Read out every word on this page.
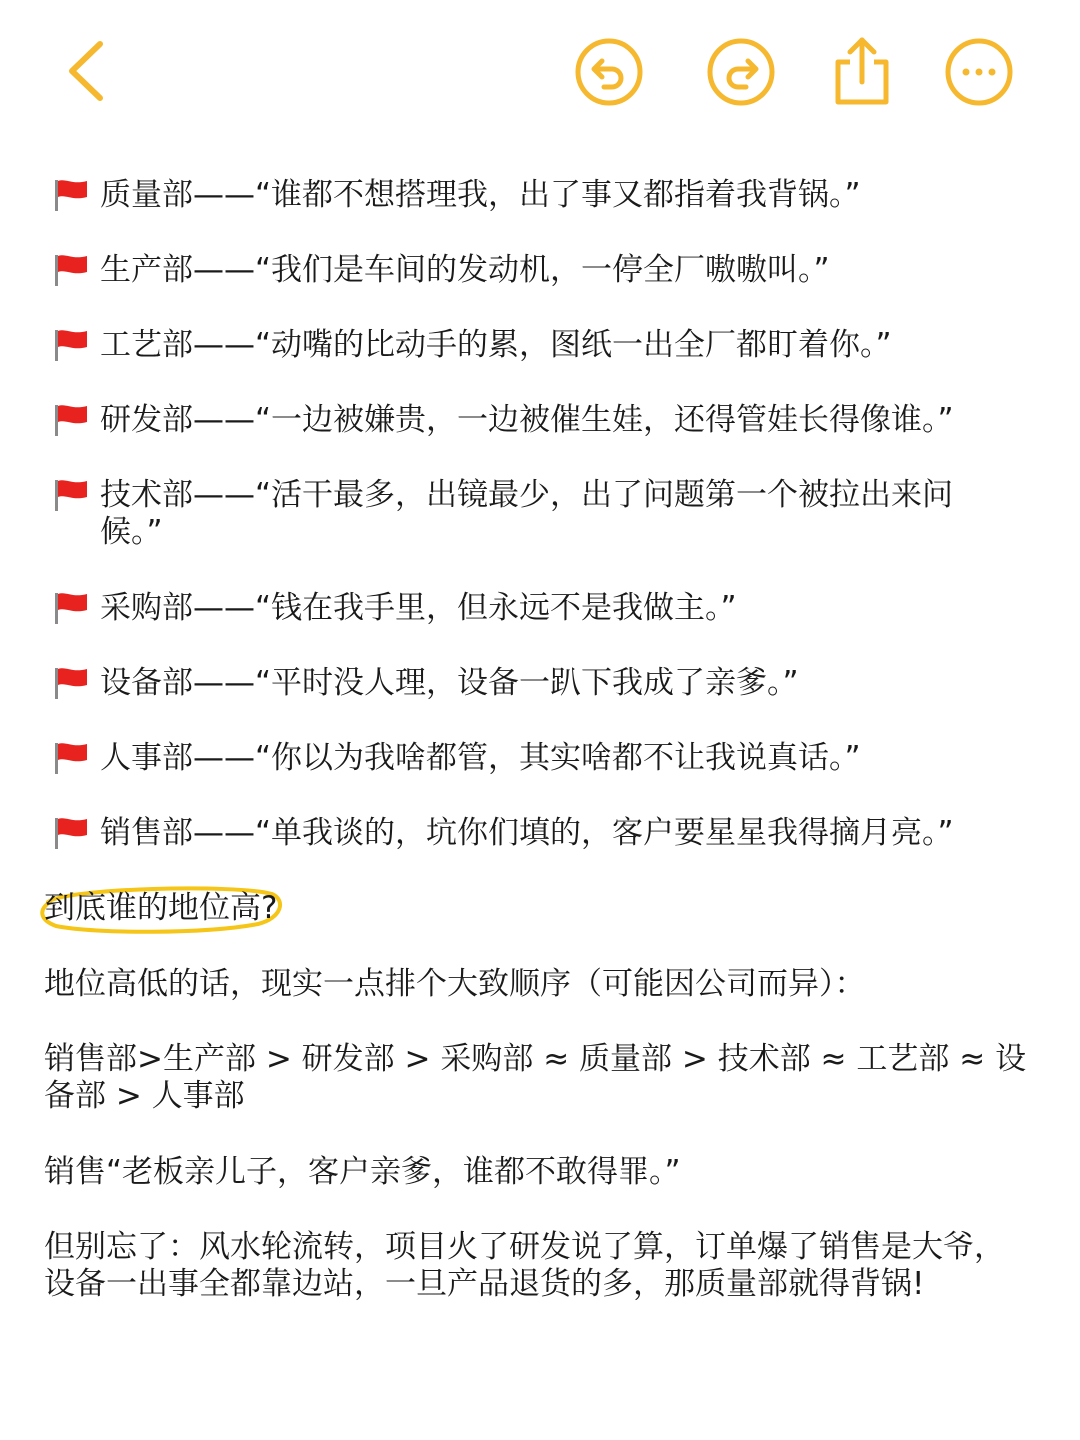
质量部——“谁都不想搭理我，出了事又都指着我背锅。”
生产部——“我们是车间的发动机，一停全厂嗷嗷叫。”
工艺部——“动嘴的比动手的累，图纸一出全厂都盯着你。”
研发部——“一边被嫌贵，一边被催生娃，还得管娃长得像谁。”
技术部——“活干最多，出镜最少，出了问题第一个被拉出来问候。”
采购部——“钱在我手里，但永远不是我做主。”
设备部——“平时没人理，设备一趴下我成了亲爹。”
人事部——“你以为我啥都管，其实啥都不让我说真话。”
销售部——“单我谈的，坑你们填的，客户要星星我得摘月亮。”
到底谁的地位高?
地位高低的话，现实一点排个大致顺序（可能因公司而异）：
销售部>生产部 > 研发部 > 采购部 ≈ 质量部 > 技术部 ≈ 工艺部 ≈ 设备部 > 人事部
销售“老板亲儿子，客户亲爹，谁都不敢得罪。”
但别忘了：风水轮流转，项目火了研发说了算，订单爆了销售是大爷，设备一出事全都靠边站，一旦产品退货的多，那质量部就得背锅!
